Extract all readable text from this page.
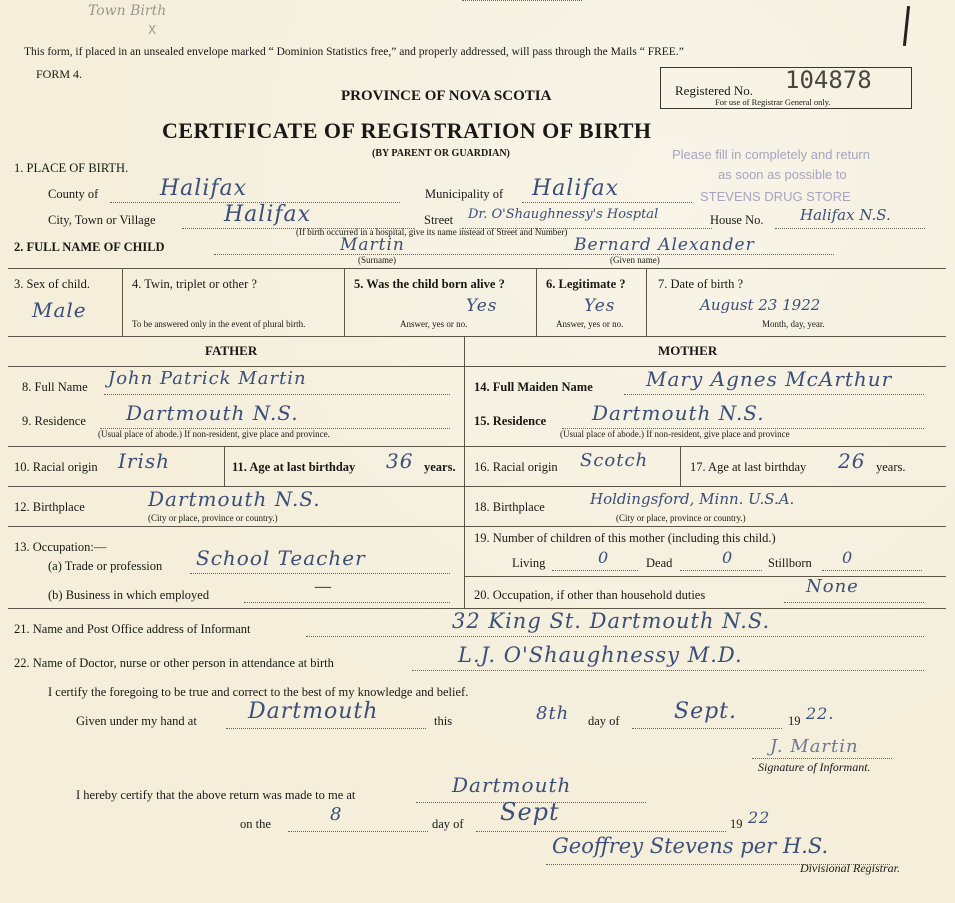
Town Birth
X
This form, if placed in an unsealed envelope marked “ Dominion Statistics free,” and properly addressed, will pass through the Mails “ FREE.”
FORM 4.
PROVINCE OF NOVA SCOTIA	Registered No. 104878
For use of Registrar General only.
CERTIFICATE OF REGISTRATION OF BIRTH
(BY PARENT OR GUARDIAN)	Please fill in completely and return
as soon as possible to
STEVENS DRUG STORE
1. PLACE OF BIRTH.
County of	Halifax	Municipality of Halifax
City, Town or Village	Halifax	Street Dr. O'Shaughnessy's Hosptal	House No. Halifax N.S.
(If birth occurred in a hospital, give its name instead of Street and Number)
2. FULL NAME OF CHILD	Martin	Bernard Alexander
(Surname)	(Given name)
3. Sex of child.
Male
4. Twin, triplet or other ?
To be answered only in the event of plural birth.
5. Was the child born alive ?
Yes
Answer, yes or no.
6. Legitimate ?
Yes
Answer, yes or no.
7. Date of birth ?
August 23 1922
Month, day, year.
FATHER	MOTHER
8. Full Name John Patrick Martin
9. Residence Dartmouth N.S.
(Usual place of abode.) If non-resident, give place and province.
10. Racial origin Irish	11. Age at last birthday 36 years.
12. Birthplace	Dartmouth N.S.
(City or place, province or country.)
13. Occupation:—
(a) Trade or profession School Teacher
(b) Business in which employed	—
14. Full Maiden Name	Mary Agnes McArthur
15. Residence Dartmouth N.S.
(Usual place of abode.) If non-resident, give place and province
16. Racial origin Scotch	17. Age at last birthday 26 years.
18. Birthplace	Holdingsford, Minn. U.S.A.
(City or place, province or country.)
19. Number of children of this mother (including this child.)
Living	0	Dead	0	Stillborn 0
20. Occupation, if other than household duties	None
21. Name and Post Office address of Informant	32 King St. Dartmouth N.S.
22. Name of Doctor, nurse or other person in attendance at birth	L.J. O'Shaughnessy M.D.
I certify the foregoing to be true and correct to the best of my knowledge and belief.
Given under my hand at Dartmouth	this	8th day of Sept.	19 22.
J. Martin
Signature of Informant.
I hereby certify that the above return was made to me at	Dartmouth
on the	8	day of Sept	19 22
Geoffrey Stevens per H.S.
Divisional Registrar.
